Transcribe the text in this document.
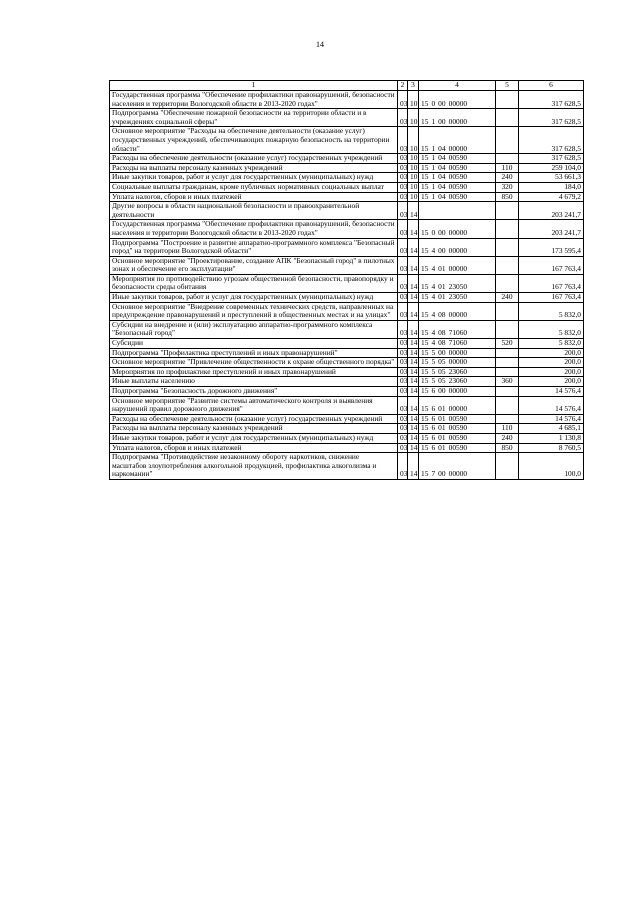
14
1	2	3	4	5	6
Государственная программа "Обеспечение профилактики правонарушений, безопасности населения и территории Вологодской области в 2013-2020 годах"	03	10	15 0 00 00000		317 628,5
Подпрограмма "Обеспечение пожарной безопасности на территории области и в учреждениях социальной сферы"	03	10	15 1 00 00000		317 628,5
Основное мероприятие "Расходы на обеспечение деятельности (оказание услуг) государственных учреждений, обеспечивающих пожарную безопасность на территории области"	03	10	15 1 04 00000		317 628,5
Расходы на обеспечение деятельности (оказание услуг) государственных учреждений	03	10	15 1 04 00590		317 628,5
Расходы на выплаты персоналу казенных учреждений	03	10	15 1 04 00590	110	259 104,0
Иные закупки товаров, работ и услуг для государственных (муниципальных) нужд	03	10	15 1 04 00590	240	53 661,3
Социальные выплаты гражданам, кроме публичных нормативных социальных выплат	03	10	15 1 04 00590	320	184,0
Уплата налогов, сборов и иных платежей	03	10	15 1 04 00590	850	4 679,2
Другие вопросы в области национальной безопасности и правоохранительной деятельности	03	14			203 241,7
Государственная программа "Обеспечение профилактики правонарушений, безопасности населения и территории Вологодской области в 2013-2020 годах"	03	14	15 0 00 00000		203 241,7
Подпрограмма "Построение и развитие аппаратно-программного комплекса "Безопасный город" на территории Вологодской области"	03	14	15 4 00 00000		173 595,4
Основное мероприятие "Проектирование, создание АПК "Безопасный город" в пилотных зонах и обеспечение его эксплуатации"	03	14	15 4 01 00000		167 763,4
Мероприятия по противодействию угрозам общественной безопасности, правопорядку и безопасности среды обитания	03	14	15 4 01 23050		167 763,4
Иные закупки товаров, работ и услуг для государственных (муниципальных) нужд	03	14	15 4 01 23050	240	167 763,4
Основное мероприятие "Внедрение современных технических средств, направленных на предупреждение правонарушений и преступлений в общественных местах и на улицах"	03	14	15 4 08 00000		5 832,0
Субсидии на внедрение и (или) эксплуатацию аппаратно-программного комплекса "Безопасный город"	03	14	15 4 08 71060		5 832,0
Субсидии	03	14	15 4 08 71060	520	5 832,0
Подпрограмма "Профилактика преступлений и иных правонарушений"	03	14	15 5 00 00000		200,0
Основное мероприятие "Привлечение общественности к охране общественного порядка"	03	14	15 5 05 00000		200,0
Мероприятия по профилактике преступлений и иных правонарушений	03	14	15 5 05 23060		200,0
Иные выплаты населению	03	14	15 5 05 23060	360	200,0
Подпрограмма "Безопасность дорожного движения"	03	14	15 6 00 00000		14 576,4
Основное мероприятие "Развитие системы автоматического контроля и выявления нарушений правил дорожного движения"	03	14	15 6 01 00000		14 576,4
Расходы на обеспечение деятельности (оказание услуг) государственных учреждений	03	14	15 6 01 00590		14 576,4
Расходы на выплаты персоналу казенных учреждений	03	14	15 6 01 00590	110	4 685,1
Иные закупки товаров, работ и услуг для государственных (муниципальных) нужд	03	14	15 6 01 00590	240	1 130,8
Уплата налогов, сборов и иных платежей	03	14	15 6 01 00590	850	8 760,5
Подпрограмма "Противодействие незаконному обороту наркотиков, снижение масштабов злоупотребления алкогольной продукцией, профилактика алкоголизма и наркомании"	03	14	15 7 00 00000		100,0
